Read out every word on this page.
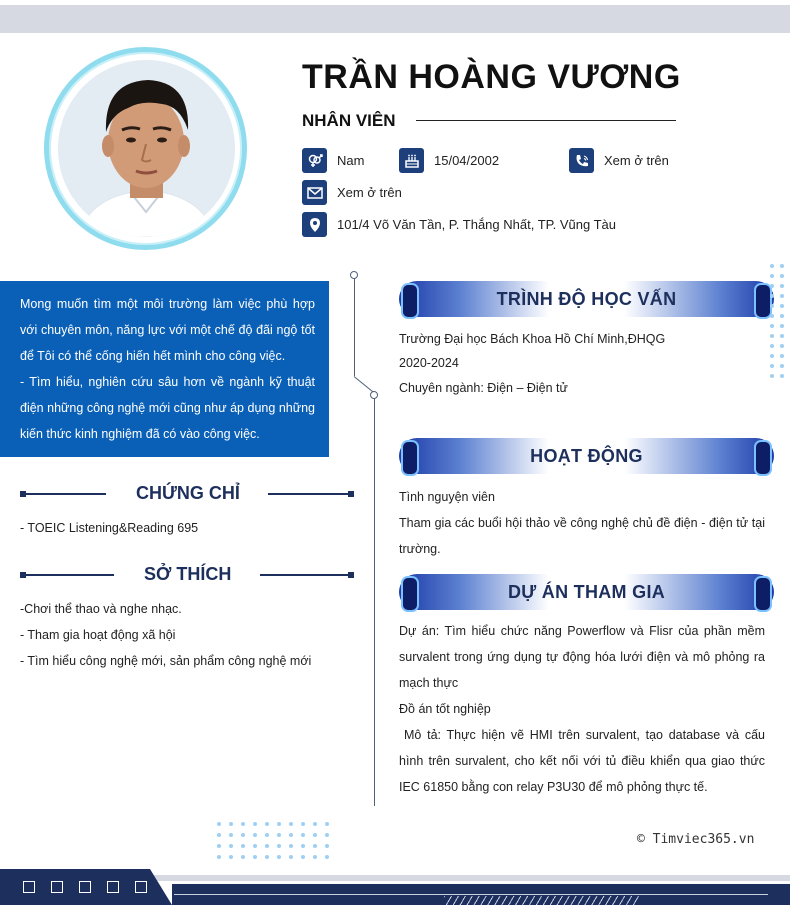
TRẦN HOÀNG VƯƠNG
NHÂN VIÊN
Nam	15/04/2002	Xem ở trên
Xem ở trên
101/4 Võ Văn Tần, P. Thắng Nhất, TP. Vũng Tàu

Mong muốn tìm một môi trường làm việc phù hợp với chuyên môn, năng lực với một chế độ đãi ngộ tốt để Tôi có thể cống hiến hết mình cho công việc.

- Tìm hiểu, nghiên cứu sâu hơn về ngành kỹ thuật điện những công nghệ mới cũng như áp dụng những kiến thức kinh nghiệm đã có vào công việc.

CHỨNG CHỈ
- TOEIC Listening&Reading 695
SỞ THÍCH
-Chơi thể thao và nghe nhạc.
- Tham gia hoạt động xã hội
- Tìm hiểu công nghệ mới, sản phẩm công nghệ mới
TRÌNH ĐỘ HỌC VẤN
Trường Đại học Bách Khoa Hồ Chí Minh,ĐHQG
2020-2024
Chuyên ngành: Điện – Điện tử
HOẠT ĐỘNG
Tình nguyện viên
Tham gia các buổi hội thảo về công nghệ chủ đề điện - điện tử tại trường.
DỰ ÁN THAM GIA
Dự án: Tìm hiểu chức năng Powerflow và Flisr của phần mềm survalent trong ứng dụng tự động hóa lưới điện và mô phỏng ra mạch thực
Đồ án tốt nghiệp
Mô tả: Thực hiện vẽ HMI trên survalent, tạo database và cấu hình trên survalent, cho kết nối với tủ điều khiển qua giao thức IEC 61850 bằng con relay P3U30 để mô phỏng thực tế.
© Timviec365.vn
